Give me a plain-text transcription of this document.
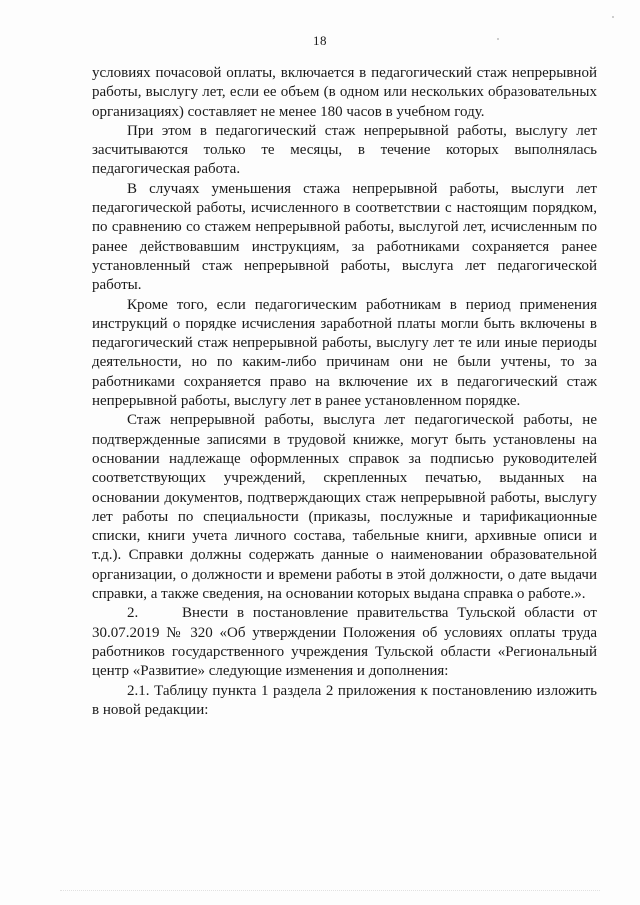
18

условиях почасовой оплаты, включается в педагогический стаж непрерывной работы, выслугу лет, если ее объем (в одном или нескольких образовательных организациях) составляет не менее 180 часов в учебном году.

При этом в педагогический стаж непрерывной работы, выслугу лет засчитываются только те месяцы, в течение которых выполнялась педагогическая работа.

В случаях уменьшения стажа непрерывной работы, выслуги лет педагогической работы, исчисленного в соответствии с настоящим порядком, по сравнению со стажем непрерывной работы, выслугой лет, исчисленным по ранее действовавшим инструкциям, за работниками сохраняется ранее установленный стаж непрерывной работы, выслуга лет педагогической работы.

Кроме того, если педагогическим работникам в период применения инструкций о порядке исчисления заработной платы могли быть включены в педагогический стаж непрерывной работы, выслугу лет те или иные периоды деятельности, но по каким-либо причинам они не были учтены, то за работниками сохраняется право на включение их в педагогический стаж непрерывной работы, выслугу лет в ранее установленном порядке.

Стаж непрерывной работы, выслуга лет педагогической работы, не подтвержденные записями в трудовой книжке, могут быть установлены на основании надлежаще оформленных справок за подписью руководителей соответствующих учреждений, скрепленных печатью, выданных на основании документов, подтверждающих стаж непрерывной работы, выслугу лет работы по специальности (приказы, послужные и тарификационные списки, книги учета личного состава, табельные книги, архивные описи и т.д.). Справки должны содержать данные о наименовании образовательной организации, о должности и времени работы в этой должности, о дате выдачи справки, а также сведения, на основании которых выдана справка о работе.».

2.     Внести в постановление правительства Тульской области от 30.07.2019 № 320 «Об утверждении Положения об условиях оплаты труда работников государственного учреждения Тульской области «Региональный центр «Развитие» следующие изменения и дополнения:

2.1. Таблицу пункта 1 раздела 2 приложения к постановлению изложить в новой редакции:
